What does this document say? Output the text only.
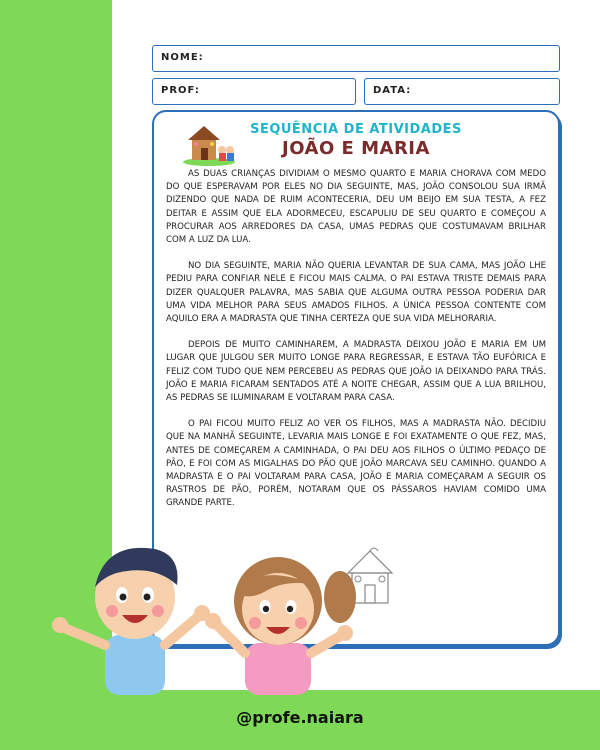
NOME:
PROF:	DATA:
SEQUÊNCIA DE ATIVIDADES
JOÃO E MARIA

AS DUAS CRIANÇAS DIVIDIAM O MESMO QUARTO E MARIA CHORAVA COM MEDO DO QUE ESPERAVAM POR ELES NO DIA SEGUINTE, MAS, JOÃO CONSOLOU SUA IRMÃ DIZENDO QUE NADA DE RUIM ACONTECERIA, DEU UM BEIJO EM SUA TESTA, A FEZ DEITAR E ASSIM QUE ELA ADORMECEU, ESCAPULIU DE SEU QUARTO E COMEÇOU A PROCURAR AOS ARREDORES DA CASA, UMAS PEDRAS QUE COSTUMAVAM BRILHAR COM A LUZ DA LUA.

NO DIA SEGUINTE, MARIA NÃO QUERIA LEVANTAR DE SUA CAMA, MAS JOÃO LHE PEDIU PARA CONFIAR NELE E FICOU MAIS CALMA. O PAI ESTAVA TRISTE DEMAIS PARA DIZER QUALQUER PALAVRA, MAS SABIA QUE ALGUMA OUTRA PESSOA PODERIA DAR UMA VIDA MELHOR PARA SEUS AMADOS FILHOS. A ÚNICA PESSOA CONTENTE COM AQUILO ERA A MADRASTA QUE TINHA CERTEZA QUE SUA VIDA MELHORARIA.

DEPOIS DE MUITO CAMINHAREM, A MADRASTA DEIXOU JOÃO E MARIA EM UM LUGAR QUE JULGOU SER MUITO LONGE PARA REGRESSAR, E ESTAVA TÃO EUFÓRICA E FELIZ COM TUDO QUE NEM PERCEBEU AS PEDRAS QUE JOÃO IA DEIXANDO PARA TRÁS. JOÃO E MARIA FICARAM SENTADOS ATÉ A NOITE CHEGAR, ASSIM QUE A LUA BRILHOU, AS PEDRAS SE ILUMINARAM E VOLTARAM PARA CASA.

O PAI FICOU MUITO FELIZ AO VER OS FILHOS, MAS A MADRASTA NÃO. DECIDIU QUE NA MANHÃ SEGUINTE, LEVARIA MAIS LONGE E FOI EXATAMENTE O QUE FEZ, MAS, ANTES DE COMEÇAREM A CAMINHADA, O PAI DEU AOS FILHOS O ÚLTIMO PEDAÇO DE PÃO, E FOI COM AS MIGALHAS DO PÃO QUE JOÃO MARCAVA SEU CAMINHO. QUANDO A MADRASTA E O PAI VOLTARAM PARA CASA, JOÃO E MARIA COMEÇARAM A SEGUIR OS RASTROS DE PÃO, PORÉM, NOTARAM QUE OS PÁSSAROS HAVIAM COMIDO UMA GRANDE PARTE.

@profe.naiara
